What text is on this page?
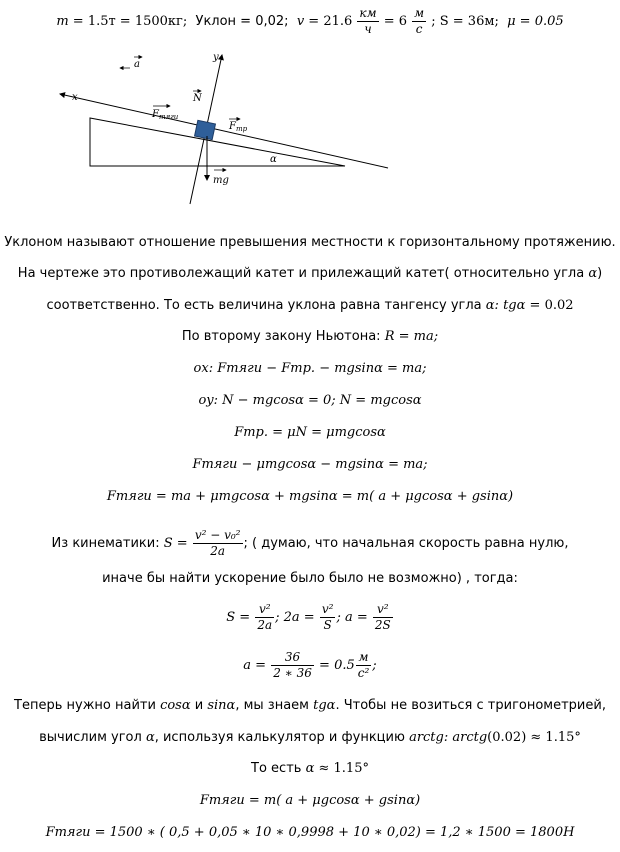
m = 1.5т = 1500кг; Уклон = 0,02; $v = 21.6 \frac{км}{ч} = 6 \frac{м}{с}$ ; S = 36м; μ = 0.05
a
y
x	N
$F_{тяги}$
$F_{тр}$
α
mg
Уклоном называют отношение превышения местности к горизонтальному протяжению.
На чертеже это противолежащий катет и прилежащий катет( относительно угла α)
соответственно. То есть величина уклона равна тангенсу угла α: tgα = 0.02
По второму закону Ньютона: R = ma;
ox: Fтяги − Fтр. − mgsinα = ma;
oy: N − mgcosα = 0; N = mgcosα
Fтр. = μN = μmgcosα
Fтяги − μmgcosα − mgsinα = ma;
Fтяги = ma + μmgcosα + mgsinα = m( a + μgcosα + gsinα)
Из кинематики: $S = \frac{\text{v² − v₀²}}{2a}$ ; ( думаю, что начальная скорость равна нулю,
иначе бы найти ускорение было было не возможно) , тогда:
$S = \frac{\text{v²}}{2a}$ ; $2a = \frac{\text{v²}}{S}$ ; $a = \frac{\text{v²}}{2S}$
$a = \frac{36}{2 ∗ 36} = 0.5 \frac{м}{\text{с²}}$ ;
Теперь нужно найти cosα и sinα, мы знаем tgα. Чтобы не возиться с тригонометрией,
вычислим угол α, используя калькулятор и функцию arctg: arctg(0.02) ≈ 1.15°
То есть α ≈ 1.15°
Fтяги = m( a + μgcosα + gsinα)
Fтяги = 1500 ∗ ( 0,5 + 0,05 ∗ 10 ∗ 0,9998 + 10 ∗ 0,02) = 1,2 ∗ 1500 = 1800H
